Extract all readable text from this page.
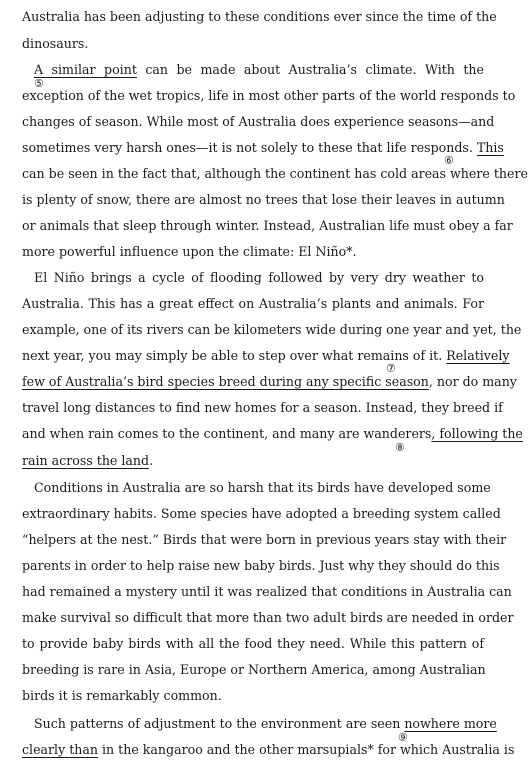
Australia has been adjusting to these conditions ever since the time of the
dinosaurs.
A similar point can be made about Australia’s climate. With the
⑤
exception of the wet tropics, life in most other parts of the world responds to
changes of season. While most of Australia does experience seasons—and
sometimes very harsh ones—it is not solely to these that life responds. This
⑥
can be seen in the fact that, although the continent has cold areas where there
is plenty of snow, there are almost no trees that lose their leaves in autumn
or animals that sleep through winter. Instead, Australian life must obey a far
more powerful influence upon the climate: El Niño*.
El Niño brings a cycle of flooding followed by very dry weather to
Australia. This has a great effect on Australia’s plants and animals. For
example, one of its rivers can be kilometers wide during one year and yet, the
next year, you may simply be able to step over what remains of it. Relatively
⑦
few of Australia’s bird species breed during any specific season, nor do many
travel long distances to find new homes for a season. Instead, they breed if
and when rain comes to the continent, and many are wanderers, following the
⑧
rain across the land.
Conditions in Australia are so harsh that its birds have developed some
extraordinary habits. Some species have adopted a breeding system called
“helpers at the nest.” Birds that were born in previous years stay with their
parents in order to help raise new baby birds. Just why they should do this
had remained a mystery until it was realized that conditions in Australia can
make survival so difficult that more than two adult birds are needed in order
to provide baby birds with all the food they need. While this pattern of
breeding is rare in Asia, Europe or Northern America, among Australian
birds it is remarkably common.
Such patterns of adjustment to the environment are seen nowhere more
⑨
clearly than in the kangaroo and the other marsupials* for which Australia is
